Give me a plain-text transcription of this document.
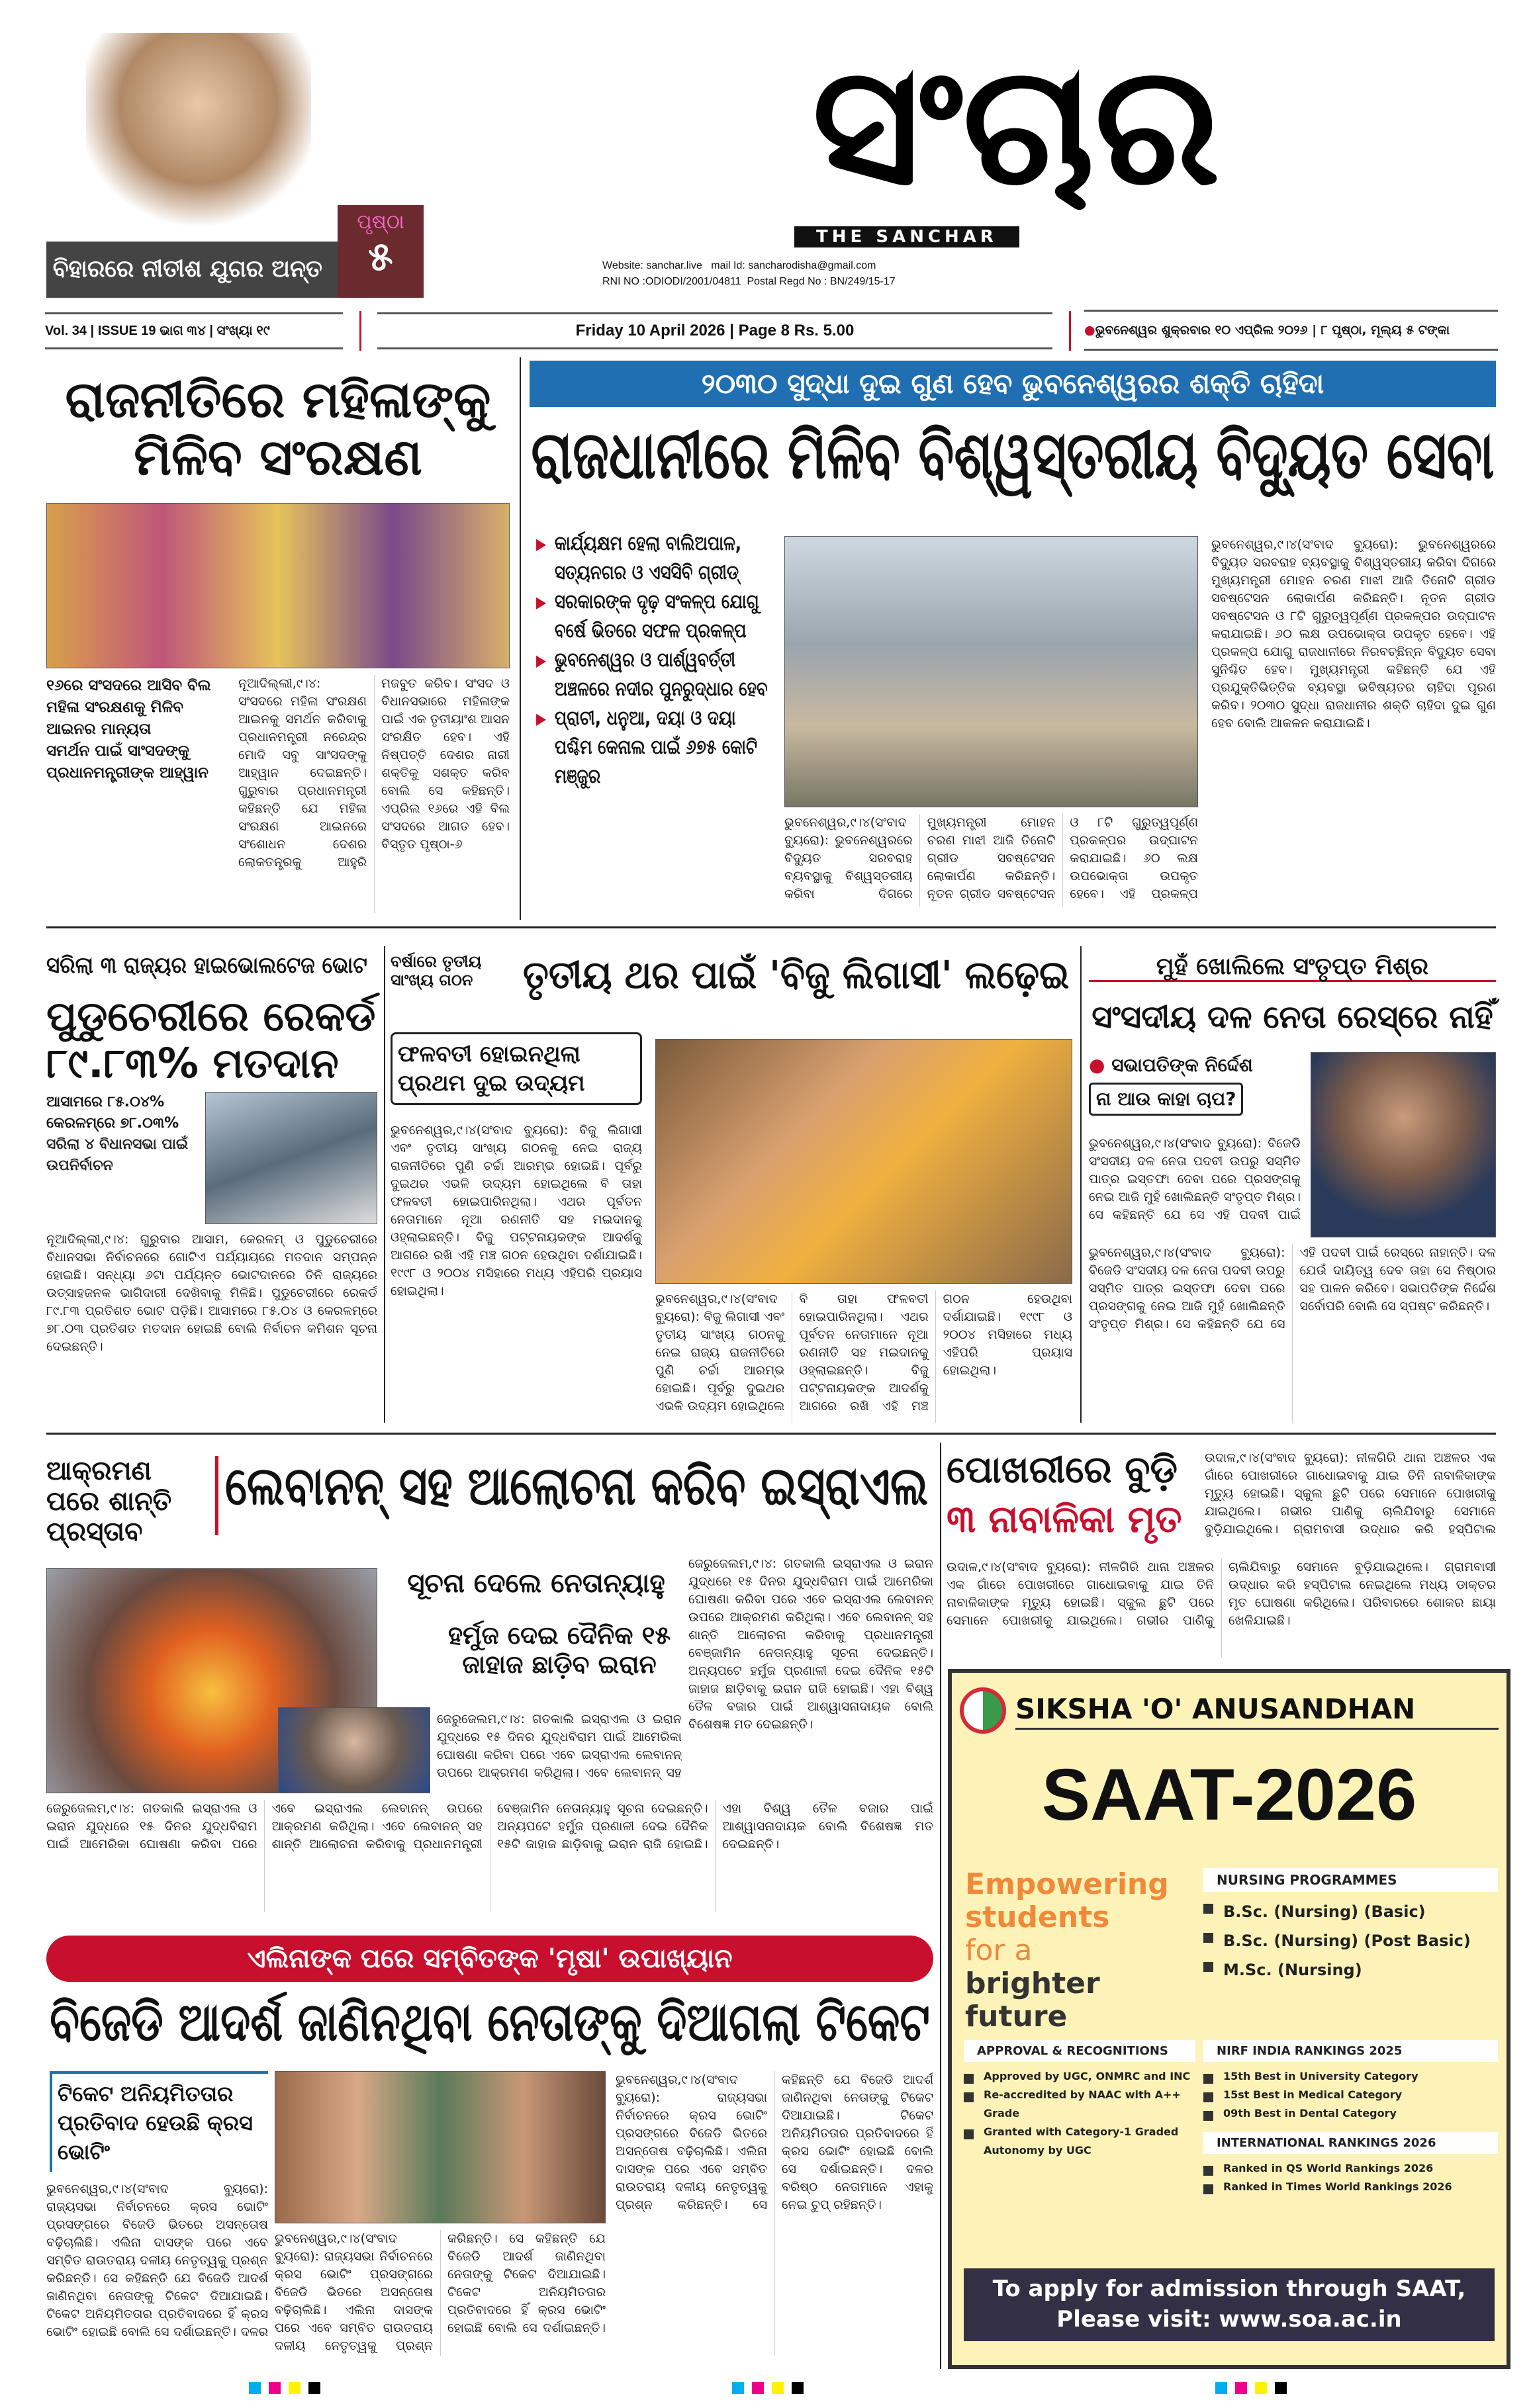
ବିହାରରେ ନୀତୀଶ ଯୁଗର ଅନ୍ତ
ପୃଷ୍ଠା
୫
ସଂଚାର
THE SANCHAR
Website: sanchar.live mail Id: sancharodisha@gmail.com
RNI NO :ODIODI/2001/04811 Postal Regd No : BN/249/15-17
Vol. 34 | ISSUE 19 ଭାଗ ୩୪ | ସଂଖ୍ୟା ୧୯	Friday 10 April 2026 | Page 8 Rs. 5.00	●ଭୁବନେଶ୍ୱର ଶୁକ୍ରବାର ୧୦ ଏପ୍ରିଲ ୨୦୨୬ | ୮ ପୃଷ୍ଠା, ମୂଲ୍ୟ ୫ ଟଙ୍କା
ରାଜନୀତିରେ ମହିଳାଙ୍କୁ ମିଳିବ ସଂରକ୍ଷଣ
୧୬ରେ ସଂସଦରେ ଆସିବ ବିଲ
ମହିଳା ସଂରକ୍ଷଣକୁ ମିଳିବ ଆଇନର ମାନ୍ୟତା
ସମର୍ଥନ ପାଇଁ ସାଂସଦଙ୍କୁ ପ୍ରଧାନମନ୍ତ୍ରୀଙ୍କ ଆହ୍ୱାନ
ନୂଆଦିଲ୍ଲୀ,୯।୪: ସଂସଦରେ ମହିଳା ସଂରକ୍ଷଣ ଆଇନକୁ ସମର୍ଥନ କରିବାକୁ ପ୍ରଧାନମନ୍ତ୍ରୀ ନରେନ୍ଦ୍ର ମୋଦି ସବୁ ସାଂସଦଙ୍କୁ ଆହ୍ୱାନ ଦେଇଛନ୍ତି। ଗୁରୁବାର ପ୍ରଧାନମନ୍ତ୍ରୀ କହିଛନ୍ତି ଯେ ମହିଳା ସଂରକ୍ଷଣ ଆଇନରେ ସଂଶୋଧନ ଦେଶର ଲୋକତନ୍ତ୍ରକୁ ଆହୁରି ମଜବୁତ କରିବ। ସଂସଦ ଓ ବିଧାନସଭାରେ ମହିଳାଙ୍କ ପାଇଁ ଏକ ତୃତୀୟାଂଶ ଆସନ ସଂରକ୍ଷିତ ହେବ। ଏହି ନିଷ୍ପତ୍ତି ଦେଶର ନାରୀ ଶକ୍ତିକୁ ସଶକ୍ତ କରିବ ବୋଲି ସେ କହିଛନ୍ତି। ଏପ୍ରିଲ ୧୬ରେ ଏହି ବିଲ ସଂସଦରେ ଆଗତ ହେବ। ବିସ୍ତୃତ ପୃଷ୍ଠା-୬
୨୦୩୦ ସୁଦ୍ଧା ଦୁଇ ଗୁଣ ହେବ ଭୁବନେଶ୍ୱରର ଶକ୍ତି ଚାହିଦା
ରାଜଧାନୀରେ ମିଳିବ ବିଶ୍ୱସ୍ତରୀୟ ବିଦ୍ୟୁତ ସେବା
▶ କାର୍ଯ୍ୟକ୍ଷମ ହେଲା ବାଲିଅପାଳ, ସତ୍ୟନଗର ଓ ଏସସିବି ଗ୍ରୀଡ୍
▶ ସରକାରଙ୍କ ଦୃଢ଼ ସଂକଳ୍ପ ଯୋଗୁ ବର୍ଷେ ଭିତରେ ସଫଳ ପ୍ରକଳ୍ପ
▶ ଭୁବନେଶ୍ୱର ଓ ପାର୍ଶ୍ୱବର୍ତ୍ତୀ ଅଞ୍ଚଳରେ ନଦୀର ପୁନରୁଦ୍ଧାର ହେବ
▶ ପ୍ରାଚୀ, ଧନୁଆ, ଦୟା ଓ ଦୟା ପଶ୍ଚିମ କେନାଲ ପାଇଁ ୬୭୫ କୋଟି ମଞ୍ଜୁର
ଭୁବନେଶ୍ୱର,୯।୪(ସଂବାଦ ବ୍ୟୁରୋ): ଭୁବନେଶ୍ୱରରେ ବିଦ୍ୟୁତ ସରବରାହ ବ୍ୟବସ୍ଥାକୁ ବିଶ୍ୱସ୍ତରୀୟ କରିବା ଦିଗରେ ମୁଖ୍ୟମନ୍ତ୍ରୀ ମୋହନ ଚରଣ ମାଝୀ ଆଜି ତିନୋଟି ଗ୍ରୀଡ ସବଷ୍ଟେସନ ଲୋକାର୍ପଣ କରିଛନ୍ତି। ନୂତନ ଗ୍ରୀଡ ସବଷ୍ଟେସନ ଓ ୮ଟି ଗୁରୁତ୍ୱପୂର୍ଣ୍ଣ ପ୍ରକଳ୍ପର ଉଦ୍‌ଘାଟନ କରାଯାଇଛି। ୬୦ ଲକ୍ଷ ଉପଭୋକ୍ତା ଉପକୃତ ହେବେ। ଏହି ପ୍ରକଳ୍ପ ଯୋଗୁ ରାଜଧାନୀରେ ନିରବଚ୍ଛିନ୍ନ ବିଦ୍ୟୁତ ସେବା ସୁନିଶ୍ଚିତ ହେବ। ମୁଖ୍ୟମନ୍ତ୍ରୀ କହିଛନ୍ତି ଯେ ଏହି ପ୍ରଯୁକ୍ତିଭିତ୍ତିକ ବ୍ୟବସ୍ଥା ଭବିଷ୍ୟତର ଚାହିଦା ପୂରଣ କରିବ। ୨୦୩୦ ସୁଦ୍ଧା ରାଜଧାନୀର ଶକ୍ତି ଚାହିଦା ଦୁଇ ଗୁଣ ହେବ ବୋଲି ଆକଳନ କରାଯାଇଛି।
ଭୁବନେଶ୍ୱର,୯।୪(ସଂବାଦ ବ୍ୟୁରୋ): ଭୁବନେଶ୍ୱରରେ ବିଦ୍ୟୁତ ସରବରାହ ବ୍ୟବସ୍ଥାକୁ ବିଶ୍ୱସ୍ତରୀୟ କରିବା ଦିଗରେ ମୁଖ୍ୟମନ୍ତ୍ରୀ ମୋହନ ଚରଣ ମାଝୀ ଆଜି ତିନୋଟି ଗ୍ରୀଡ ସବଷ୍ଟେସନ ଲୋକାର୍ପଣ କରିଛନ୍ତି। ନୂତନ ଗ୍ରୀଡ ସବଷ୍ଟେସନ ଓ ୮ଟି ଗୁରୁତ୍ୱପୂର୍ଣ୍ଣ ପ୍ରକଳ୍ପର ଉଦ୍‌ଘାଟନ କରାଯାଇଛି। ୬୦ ଲକ୍ଷ ଉପଭୋକ୍ତା ଉପକୃତ ହେବେ। ଏହି ପ୍ରକଳ୍ପ
ସରିଲା ୩ ରାଜ୍ୟର ହାଇଭୋଲଟେଜ ଭୋଟ
ପୁଡୁଚେରୀରେ ରେକର୍ଡ ୮୯.୮୩% ମତଦାନ
ଆସାମରେ ୮୫.୦୪%
କେରଳମ୍‌ରେ ୭୮.୦୩%
ସରିଲା ୪ ବିଧାନସଭା ପାଇଁ ଉପନିର୍ବାଚନ
ନୂଆଦିଲ୍ଲୀ,୯।୪: ଗୁରୁବାର ଆସାମ, କେରଳମ୍ ଓ ପୁଡୁଚେରୀରେ ବିଧାନସଭା ନିର୍ବାଚନରେ ଗୋଟିଏ ପର୍ଯ୍ୟାୟରେ ମତଦାନ ସମ୍ପନ୍ନ ହୋଇଛି। ସନ୍ଧ୍ୟା ୬ଟା ପର୍ଯ୍ୟନ୍ତ ଭୋଟଦାନରେ ତିନି ରାଜ୍ୟରେ ଉତ୍ସାହଜନକ ଭାଗିଦାରୀ ଦେଖିବାକୁ ମିଳିଛି। ପୁଡୁଚେରୀରେ ରେକର୍ଡ ୮୯.୮୩ ପ୍ରତିଶତ ଭୋଟ ପଡ଼ିଛି। ଆସାମରେ ୮୫.୦୪ ଓ କେରଳମ୍‌ରେ ୭୮.୦୩ ପ୍ରତିଶତ ମତଦାନ ହୋଇଛି ବୋଲି ନିର୍ବାଚନ କମିଶନ ସୂଚନା ଦେଇଛନ୍ତି।
ବର୍ଷାରେ ତୃତୀୟ ସାଂଖ୍ୟ ଗଠନ	ତୃତୀୟ ଥର ପାଇଁ 'ବିଜୁ ଲିଗାସୀ' ଲଢ଼େଇ
ଫଳବତୀ ହୋଇନଥିଲା ପ୍ରଥମ ଦୁଇ ଉଦ୍ୟମ
ଭୁବନେଶ୍ୱର,୯।୪(ସଂବାଦ ବ୍ୟୁରୋ): ବିଜୁ ଲିଗାସୀ ଏବଂ ତୃତୀୟ ସାଂଖ୍ୟ ଗଠନକୁ ନେଇ ରାଜ୍ୟ ରାଜନୀତିରେ ପୁଣି ଚର୍ଚ୍ଚା ଆରମ୍ଭ ହୋଇଛି। ପୂର୍ବରୁ ଦୁଇଥର ଏଭଳି ଉଦ୍ୟମ ହୋଇଥିଲେ ବି ତାହା ଫଳବତୀ ହୋଇପାରିନଥିଲା। ଏଥର ପୂର୍ବତନ ନେତାମାନେ ନୂଆ ରଣନୀତି ସହ ମଇଦାନକୁ ଓହ୍ଲାଇଛନ୍ତି। ବିଜୁ ପଟ୍ଟନାୟକଙ୍କ ଆଦର୍ଶକୁ ଆଗରେ ରଖି ଏହି ମଞ୍ଚ ଗଠନ ହେଉଥିବା ଦର୍ଶାଯାଇଛି। ୧୯୯୮ ଓ ୨୦୦୪ ମସିହାରେ ମଧ୍ୟ ଏହିପରି ପ୍ରୟାସ ହୋଇଥିଲା।
ଭୁବନେଶ୍ୱର,୯।୪(ସଂବାଦ ବ୍ୟୁରୋ): ବିଜୁ ଲିଗାସୀ ଏବଂ ତୃତୀୟ ସାଂଖ୍ୟ ଗଠନକୁ ନେଇ ରାଜ୍ୟ ରାଜନୀତିରେ ପୁଣି ଚର୍ଚ୍ଚା ଆରମ୍ଭ ହୋଇଛି। ପୂର୍ବରୁ ଦୁଇଥର ଏଭଳି ଉଦ୍ୟମ ହୋଇଥିଲେ ବି ତାହା ଫଳବତୀ ହୋଇପାରିନଥିଲା। ଏଥର ପୂର୍ବତନ ନେତାମାନେ ନୂଆ ରଣନୀତି ସହ ମଇଦାନକୁ ଓହ୍ଲାଇଛନ୍ତି। ବିଜୁ ପଟ୍ଟନାୟକଙ୍କ ଆଦର୍ଶକୁ ଆଗରେ ରଖି ଏହି ମଞ୍ଚ ଗଠନ ହେଉଥିବା ଦର୍ଶାଯାଇଛି। ୧୯୯୮ ଓ ୨୦୦୪ ମସିହାରେ ମଧ୍ୟ ଏହିପରି ପ୍ରୟାସ ହୋଇଥିଲା।
ମୁହଁ ଖୋଲିଲେ ସଂତୃପ୍ତ ମିଶ୍ର
ସଂସଦୀୟ ଦଳ ନେତା ରେସ୍‌ରେ ନାହିଁ
● ସଭାପତିଙ୍କ ନିର୍ଦ୍ଦେଶ
ନା ଆଉ କାହା ଚାପ?
ଭୁବନେଶ୍ୱର,୯।୪(ସଂବାଦ ବ୍ୟୁରୋ): ବିଜେଡି ସଂସଦୀୟ ଦଳ ନେତା ପଦବୀ ଉପରୁ ସସ୍ମିତ ପାତ୍ର ଇସ୍ତଫା ଦେବା ପରେ ପ୍ରସଙ୍ଗକୁ ନେଇ ଆଜି ମୁହଁ ଖୋଲିଛନ୍ତି ସଂତୃପ୍ତ ମିଶ୍ର। ସେ କହିଛନ୍ତି ଯେ ସେ ଏହି ପଦବୀ ପାଇଁ ରେସ୍‌ରେ ନାହାନ୍ତି। ଦଳ ଯେଉଁ ଦାୟିତ୍ୱ ଦେବ ତାହା ସେ ନିଷ୍ଠାର ସହ ପାଳନ କରିବେ। ସଭାପତିଙ୍କ ନିର୍ଦ୍ଦେଶ ସର୍ବୋପରି ବୋଲି ସେ ସ୍ପଷ୍ଟ କରିଛନ୍ତି।
ଭୁବନେଶ୍ୱର,୯।୪(ସଂବାଦ ବ୍ୟୁରୋ): ବିଜେଡି ସଂସଦୀୟ ଦଳ ନେତା ପଦବୀ ଉପରୁ ସସ୍ମିତ ପାତ୍ର ଇସ୍ତଫା ଦେବା ପରେ ପ୍ରସଙ୍ଗକୁ ନେଇ ଆଜି ମୁହଁ ଖୋଲିଛନ୍ତି ସଂତୃପ୍ତ ମିଶ୍ର। ସେ କହିଛନ୍ତି ଯେ ସେ ଏହି ପଦବୀ ପାଇଁ
ଆକ୍ରମଣ ପରେ ଶାନ୍ତି ପ୍ରସ୍ତାବ
ଲେବାନନ୍ ସହ ଆଲୋଚନା କରିବ ଇସ୍ରାଏଲ
ସୂଚନା ଦେଲେ ନେତାନ୍ୟାହୁ
ହର୍ମୁଜ ଦେଇ ଦୈନିକ ୧୫ ଜାହାଜ ଛାଡ଼ିବ ଇରାନ
ଜେରୁଜେଲମ,୯।୪: ଗତକାଲି ଇସ୍ରାଏଲ ଓ ଇରାନ ଯୁଦ୍ଧରେ ୧୫ ଦିନର ଯୁଦ୍ଧବିରାମ ପାଇଁ ଆମେରିକା ଘୋଷଣା କରିବା ପରେ ଏବେ ଇସ୍ରାଏଲ ଲେବାନନ୍ ଉପରେ ଆକ୍ରମଣ କରିଥିଲା। ଏବେ ଲେବାନନ୍ ସହ ଶାନ୍ତି ଆଲୋଚନା କରିବାକୁ ପ୍ରଧାନମନ୍ତ୍ରୀ ବେଞ୍ଜାମିନ ନେତାନ୍ୟାହୁ ସୂଚନା ଦେଇଛନ୍ତି। ଅନ୍ୟପଟେ ହର୍ମୁଜ ପ୍ରଣାଳୀ ଦେଇ ଦୈନିକ ୧୫ଟି ଜାହାଜ ଛାଡ଼ିବାକୁ ଇରାନ ରାଜି ହୋଇଛି। ଏହା ବିଶ୍ୱ ତୈଳ ବଜାର ପାଇଁ ଆଶ୍ୱାସନାଦାୟକ ବୋଲି ବିଶେଷଜ୍ଞ ମତ ଦେଇଛନ୍ତି।
ଜେରୁଜେଲମ,୯।୪: ଗତକାଲି ଇସ୍ରାଏଲ ଓ ଇରାନ ଯୁଦ୍ଧରେ ୧୫ ଦିନର ଯୁଦ୍ଧବିରାମ ପାଇଁ ଆମେରିକା ଘୋଷଣା କରିବା ପରେ ଏବେ ଇସ୍ରାଏଲ ଲେବାନନ୍ ଉପରେ ଆକ୍ରମଣ କରିଥିଲା। ଏବେ ଲେବାନନ୍ ସହ
ଜେରୁଜେଲମ,୯।୪: ଗତକାଲି ଇସ୍ରାଏଲ ଓ ଇରାନ ଯୁଦ୍ଧରେ ୧୫ ଦିନର ଯୁଦ୍ଧବିରାମ ପାଇଁ ଆମେରିକା ଘୋଷଣା କରିବା ପରେ ଏବେ ଇସ୍ରାଏଲ ଲେବାନନ୍ ଉପରେ ଆକ୍ରମଣ କରିଥିଲା। ଏବେ ଲେବାନନ୍ ସହ ଶାନ୍ତି ଆଲୋଚନା କରିବାକୁ ପ୍ରଧାନମନ୍ତ୍ରୀ ବେଞ୍ଜାମିନ ନେତାନ୍ୟାହୁ ସୂଚନା ଦେଇଛନ୍ତି। ଅନ୍ୟପଟେ ହର୍ମୁଜ ପ୍ରଣାଳୀ ଦେଇ ଦୈନିକ ୧୫ଟି ଜାହାଜ ଛାଡ଼ିବାକୁ ଇରାନ ରାଜି ହୋଇଛି। ଏହା ବିଶ୍ୱ ତୈଳ ବଜାର ପାଇଁ ଆଶ୍ୱାସନାଦାୟକ ବୋଲି ବିଶେଷଜ୍ଞ ମତ ଦେଇଛନ୍ତି।
ପୋଖରୀରେ ବୁଡ଼ି
୩ ନାବାଳିକା ମୃତ
ଉଦାଳ,୯।୪(ସଂବାଦ ବ୍ୟୁରୋ): ନୀଳଗିରି ଥାନା ଅଞ୍ଚଳର ଏକ ଗାଁରେ ପୋଖରୀରେ ଗାଧୋଇବାକୁ ଯାଇ ତିନି ନାବାଳିକାଙ୍କ ମୃତ୍ୟୁ ହୋଇଛି। ସ୍କୁଲ ଛୁଟି ପରେ ସେମାନେ ପୋଖରୀକୁ ଯାଇଥିଲେ। ଗଭୀର ପାଣିକୁ ଚାଲିଯିବାରୁ ସେମାନେ ବୁଡ଼ିଯାଇଥିଲେ। ଗ୍ରାମବାସୀ ଉଦ୍ଧାର କରି ହସ୍ପିଟାଲ
ଉଦାଳ,୯।୪(ସଂବାଦ ବ୍ୟୁରୋ): ନୀଳଗିରି ଥାନା ଅଞ୍ଚଳର ଏକ ଗାଁରେ ପୋଖରୀରେ ଗାଧୋଇବାକୁ ଯାଇ ତିନି ନାବାଳିକାଙ୍କ ମୃତ୍ୟୁ ହୋଇଛି। ସ୍କୁଲ ଛୁଟି ପରେ ସେମାନେ ପୋଖରୀକୁ ଯାଇଥିଲେ। ଗଭୀର ପାଣିକୁ ଚାଲିଯିବାରୁ ସେମାନେ ବୁଡ଼ିଯାଇଥିଲେ। ଗ୍ରାମବାସୀ ଉଦ୍ଧାର କରି ହସ୍ପିଟାଲ ନେଇଥିଲେ ମଧ୍ୟ ଡାକ୍ତର ମୃତ ଘୋଷଣା କରିଥିଲେ। ପରିବାରରେ ଶୋକର ଛାୟା ଖେଳିଯାଇଛି।
SIKSHA 'O' ANUSANDHAN
SAAT-2026
Empowering
students
for a
brighter future
NURSING PROGRAMMES
B.Sc. (Nursing) (Basic)
B.Sc. (Nursing) (Post Basic)
M.Sc. (Nursing)
APPROVAL & RECOGNITIONS
Approved by UGC, ONMRC and INC
Re-accredited by NAAC with A++ Grade
Granted with Category-1 Graded Autonomy by UGC
NIRF INDIA RANKINGS 2025
15th Best in University Category
15st Best in Medical Category
09th Best in Dental Category
INTERNATIONAL RANKINGS 2026
Ranked in QS World Rankings 2026
Ranked in Times World Rankings 2026
To apply for admission through SAAT,
Please visit: www.soa.ac.in
ଏଲିନାଙ୍କ ପରେ ସମ୍ବିତଙ୍କ 'ମୃଷା' ଉପାଖ୍ୟାନ
ବିଜେଡି ଆଦର୍ଶ ଜାଣିନଥିବା ନେତାଙ୍କୁ ଦିଆଗଲା ଟିକେଟ
ଟିକେଟ ଅନିୟମିତତାର ପ୍ରତିବାଦ ହେଉଛି କ୍ରସ ଭୋଟିଂ
ଭୁବନେଶ୍ୱର,୯।୪(ସଂବାଦ ବ୍ୟୁରୋ): ରାଜ୍ୟସଭା ନିର୍ବାଚନରେ କ୍ରସ ଭୋଟିଂ ପ୍ରସଙ୍ଗରେ ବିଜେଡି ଭିତରେ ଅସନ୍ତୋଷ ବଢ଼ିଚାଲିଛି। ଏଲିନା ଦାସଙ୍କ ପରେ ଏବେ ସମ୍ବିତ ରାଉତରାୟ ଦଳୀୟ ନେତୃତ୍ୱକୁ ପ୍ରଶ୍ନ କରିଛନ୍ତି। ସେ କହିଛନ୍ତି ଯେ ବିଜେଡି ଆଦର୍ଶ ଜାଣିନଥିବା ନେତାଙ୍କୁ ଟିକେଟ ଦିଆଯାଇଛି। ଟିକେଟ ଅନିୟମିତତାର ପ୍ରତିବାଦରେ ହିଁ କ୍ରସ ଭୋଟିଂ ହୋଇଛି ବୋଲି ସେ ଦର୍ଶାଇଛନ୍ତି। ଦଳର
ଭୁବନେଶ୍ୱର,୯।୪(ସଂବାଦ ବ୍ୟୁରୋ): ରାଜ୍ୟସଭା ନିର୍ବାଚନରେ କ୍ରସ ଭୋଟିଂ ପ୍ରସଙ୍ଗରେ ବିଜେଡି ଭିତରେ ଅସନ୍ତୋଷ ବଢ଼ିଚାଲିଛି। ଏଲିନା ଦାସଙ୍କ ପରେ ଏବେ ସମ୍ବିତ ରାଉତରାୟ ଦଳୀୟ ନେତୃତ୍ୱକୁ ପ୍ରଶ୍ନ କରିଛନ୍ତି। ସେ କହିଛନ୍ତି ଯେ ବିଜେଡି ଆଦର୍ଶ ଜାଣିନଥିବା ନେତାଙ୍କୁ ଟିକେଟ ଦିଆଯାଇଛି। ଟିକେଟ ଅନିୟମିତତାର ପ୍ରତିବାଦରେ ହିଁ କ୍ରସ ଭୋଟିଂ ହୋଇଛି ବୋଲି ସେ ଦର୍ଶାଇଛନ୍ତି। ଦଳର ବରିଷ୍ଠ ନେତାମାନେ ଏହାକୁ ନେଇ ଚୁପ୍ ରହିଛନ୍ତି।
ଭୁବନେଶ୍ୱର,୯।୪(ସଂବାଦ ବ୍ୟୁରୋ): ରାଜ୍ୟସଭା ନିର୍ବାଚନରେ କ୍ରସ ଭୋଟିଂ ପ୍ରସଙ୍ଗରେ ବିଜେଡି ଭିତରେ ଅସନ୍ତୋଷ ବଢ଼ିଚାଲିଛି। ଏଲିନା ଦାସଙ୍କ ପରେ ଏବେ ସମ୍ବିତ ରାଉତରାୟ ଦଳୀୟ ନେତୃତ୍ୱକୁ ପ୍ରଶ୍ନ କରିଛନ୍ତି। ସେ କହିଛନ୍ତି ଯେ ବିଜେଡି ଆଦର୍ଶ ଜାଣିନଥିବା ନେତାଙ୍କୁ ଟିକେଟ ଦିଆଯାଇଛି। ଟିକେଟ ଅନିୟମିତତାର ପ୍ରତିବାଦରେ ହିଁ କ୍ରସ ଭୋଟିଂ ହୋଇଛି ବୋଲି ସେ ଦର୍ଶାଇଛନ୍ତି।
